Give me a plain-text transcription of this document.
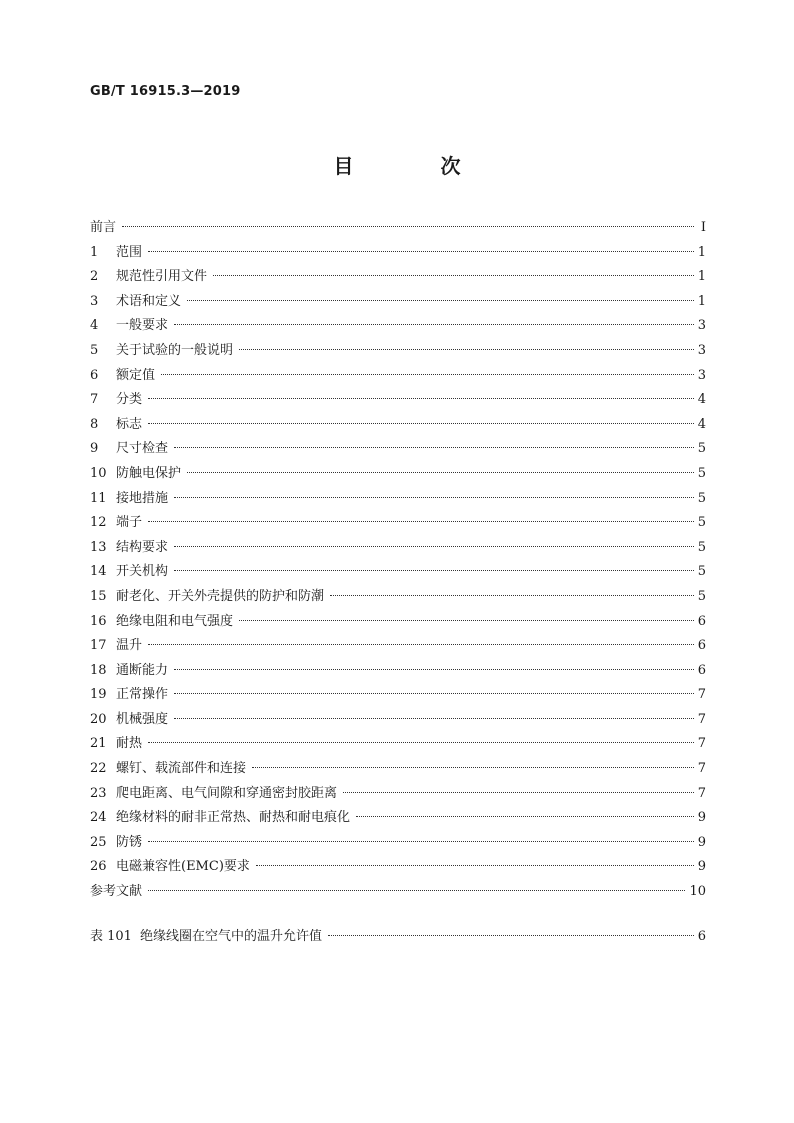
GB/T 16915.3—2019
目 次
前言	Ⅰ
1	范围	1
2	规范性引用文件	1
3	术语和定义	1
4	一般要求	3
5	关于试验的一般说明	3
6	额定值	3
7	分类	4
8	标志	4
9	尺寸检查	5
10 防触电保护	5
11 接地措施	5
12 端子	5
13 结构要求	5
14 开关机构	5
15 耐老化、开关外壳提供的防护和防潮	5
16 绝缘电阻和电气强度	6
17 温升	6
18 通断能力	6
19 正常操作	7
20 机械强度	7
21 耐热	7
22 螺钉、载流部件和连接	7
23 爬电距离、电气间隙和穿通密封胶距离	7
24 绝缘材料的耐非正常热、耐热和耐电痕化	9
25 防锈	9
26 电磁兼容性(EMC)要求	9
参考文献	10
表 101 绝缘线圈在空气中的温升允许值	6
